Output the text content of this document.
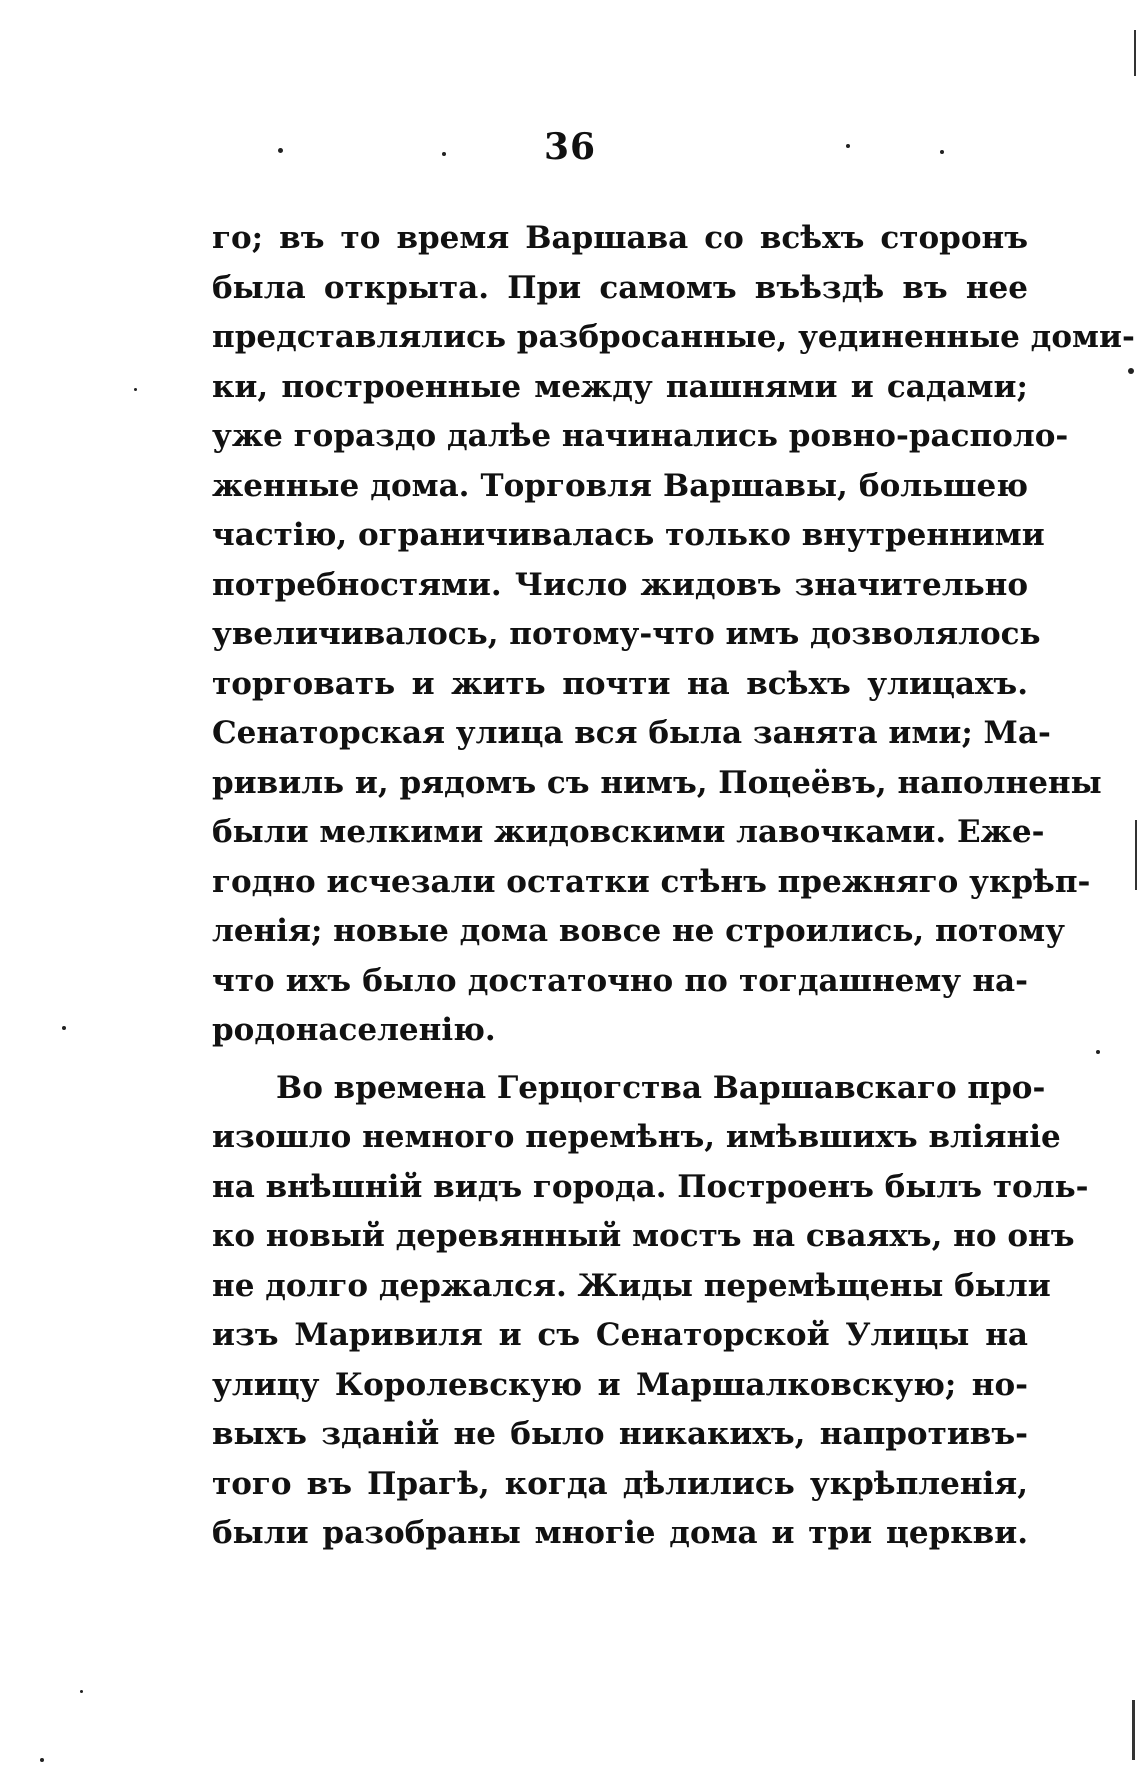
36

го; въ то время Варшава со всѣхъ сторонъ
была открыта. При самомъ въѣздѣ въ нее
представлялись разбросанные, уединенные доми-
ки, построенные между пашнями и садами;
уже гораздо далѣе начинались ровно-располо-
женные дома. Торговля Варшавы, большею
частію, ограничивалась только внутренними
потребностями. Число жидовъ значительно
увеличивалось, потому-что имъ дозволялось
торговать и жить почти на всѣхъ улицахъ.
Сенаторская улица вся была занята ими; Ма-
ривиль и, рядомъ съ нимъ, Поцеёвъ, наполнены
были мелкими жидовскими лавочками. Еже-
годно исчезали остатки стѣнъ прежняго укрѣп-
ленія; новые дома вовсе не строились, потому
что ихъ было достаточно по тогдашнему на-
родонаселенію.

Во времена Герцогства Варшавскаго про-
изошло немного перемѣнъ, имѣвшихъ вліяніе
на внѣшній видъ города. Построенъ былъ толь-
ко новый деревянный мостъ на сваяхъ, но онъ
не долго держался. Жиды перемѣщены были
изъ Маривиля и съ Сенаторской Улицы на
улицу Королевскую и Маршалковскую; но-
выхъ зданій не было никакихъ, напротивъ-
того въ Прагѣ, когда дѣлились укрѣпленія,
были разобраны многіе дома и три церкви.
